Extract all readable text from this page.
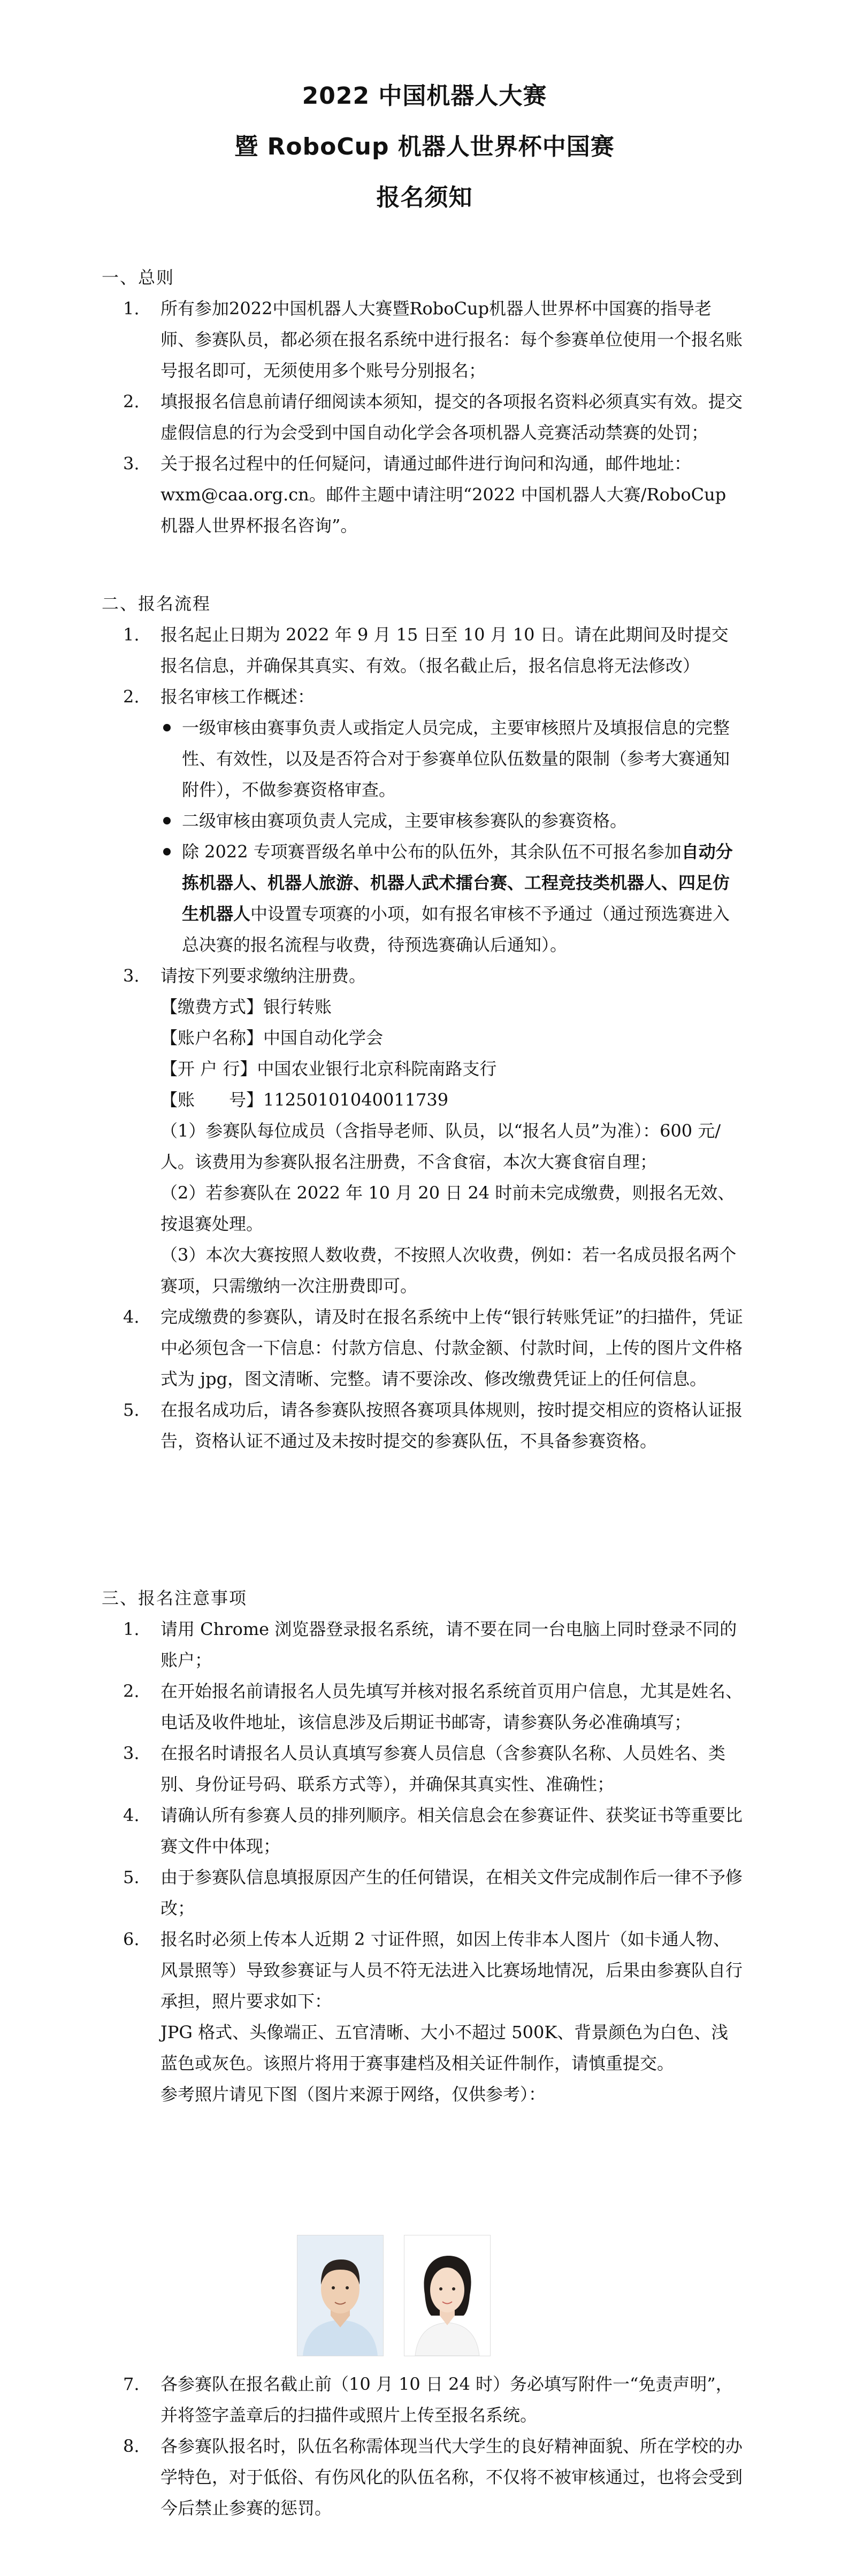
2022 中国机器人大赛
暨 RoboCup 机器人世界杯中国赛
报名须知
一、总则
1. 所有参加2022中国机器人大赛暨RoboCup机器人世界杯中国赛的指导老师、参赛队员，都必须在报名系统中进行报名：每个参赛单位使用一个报名账号报名即可，无须使用多个账号分别报名；
2. 填报报名信息前请仔细阅读本须知，提交的各项报名资料必须真实有效。提交虚假信息的行为会受到中国自动化学会各项机器人竞赛活动禁赛的处罚；
3. 关于报名过程中的任何疑问，请通过邮件进行询问和沟通，邮件地址：wxm@caa.org.cn。邮件主题中请注明“2022 中国机器人大赛/RoboCup 机器人世界杯报名咨询”。
二、报名流程
1. 报名起止日期为 2022 年 9 月 15 日至 10 月 10 日。请在此期间及时提交报名信息，并确保其真实、有效。（报名截止后，报名信息将无法修改）
2. 报名审核工作概述：
一级审核由赛事负责人或指定人员完成，主要审核照片及填报信息的完整性、有效性，以及是否符合对于参赛单位队伍数量的限制（参考大赛通知附件），不做参赛资格审查。
二级审核由赛项负责人完成，主要审核参赛队的参赛资格。
除 2022 专项赛晋级名单中公布的队伍外，其余队伍不可报名参加自动分拣机器人、机器人旅游、机器人武术擂台赛、工程竞技类机器人、四足仿生机器人中设置专项赛的小项，如有报名审核不予通过（通过预选赛进入总决赛的报名流程与收费，待预选赛确认后通知）。
3. 请按下列要求缴纳注册费。
【缴费方式】银行转账
【账户名称】中国自动化学会
【开 户 行】中国农业银行北京科院南路支行
【账　　号】11250101040011739
（1）参赛队每位成员（含指导老师、队员，以“报名人员”为准）：600 元/人。该费用为参赛队报名注册费，不含食宿，本次大赛食宿自理；
（2）若参赛队在 2022 年 10 月 20 日 24 时前未完成缴费，则报名无效、按退赛处理。
（3）本次大赛按照人数收费，不按照人次收费，例如：若一名成员报名两个赛项，只需缴纳一次注册费即可。
4. 完成缴费的参赛队，请及时在报名系统中上传“银行转账凭证”的扫描件，凭证中必须包含一下信息：付款方信息、付款金额、付款时间，上传的图片文件格式为 jpg，图文清晰、完整。请不要涂改、修改缴费凭证上的任何信息。
5. 在报名成功后，请各参赛队按照各赛项具体规则，按时提交相应的资格认证报告，资格认证不通过及未按时提交的参赛队伍，不具备参赛资格。
三、报名注意事项
1. 请用 Chrome 浏览器登录报名系统，请不要在同一台电脑上同时登录不同的账户；
2. 在开始报名前请报名人员先填写并核对报名系统首页用户信息，尤其是姓名、电话及收件地址，该信息涉及后期证书邮寄，请参赛队务必准确填写；
3. 在报名时请报名人员认真填写参赛人员信息（含参赛队名称、人员姓名、类别、身份证号码、联系方式等），并确保其真实性、准确性；
4. 请确认所有参赛人员的排列顺序。相关信息会在参赛证件、获奖证书等重要比赛文件中体现；
5. 由于参赛队信息填报原因产生的任何错误，在相关文件完成制作后一律不予修改；
6. 报名时必须上传本人近期 2 寸证件照，如因上传非本人图片（如卡通人物、风景照等）导致参赛证与人员不符无法进入比赛场地情况，后果由参赛队自行承担，照片要求如下：
JPG 格式、头像端正、五官清晰、大小不超过 500K、背景颜色为白色、浅蓝色或灰色。该照片将用于赛事建档及相关证件制作，请慎重提交。
参考照片请见下图（图片来源于网络，仅供参考）：
7. 各参赛队在报名截止前（10 月 10 日 24 时）务必填写附件一“免责声明”，并将签字盖章后的扫描件或照片上传至报名系统。
8. 各参赛队报名时，队伍名称需体现当代大学生的良好精神面貌、所在学校的办学特色，对于低俗、有伤风化的队伍名称，不仅将不被审核通过，也将会受到今后禁止参赛的惩罚。
